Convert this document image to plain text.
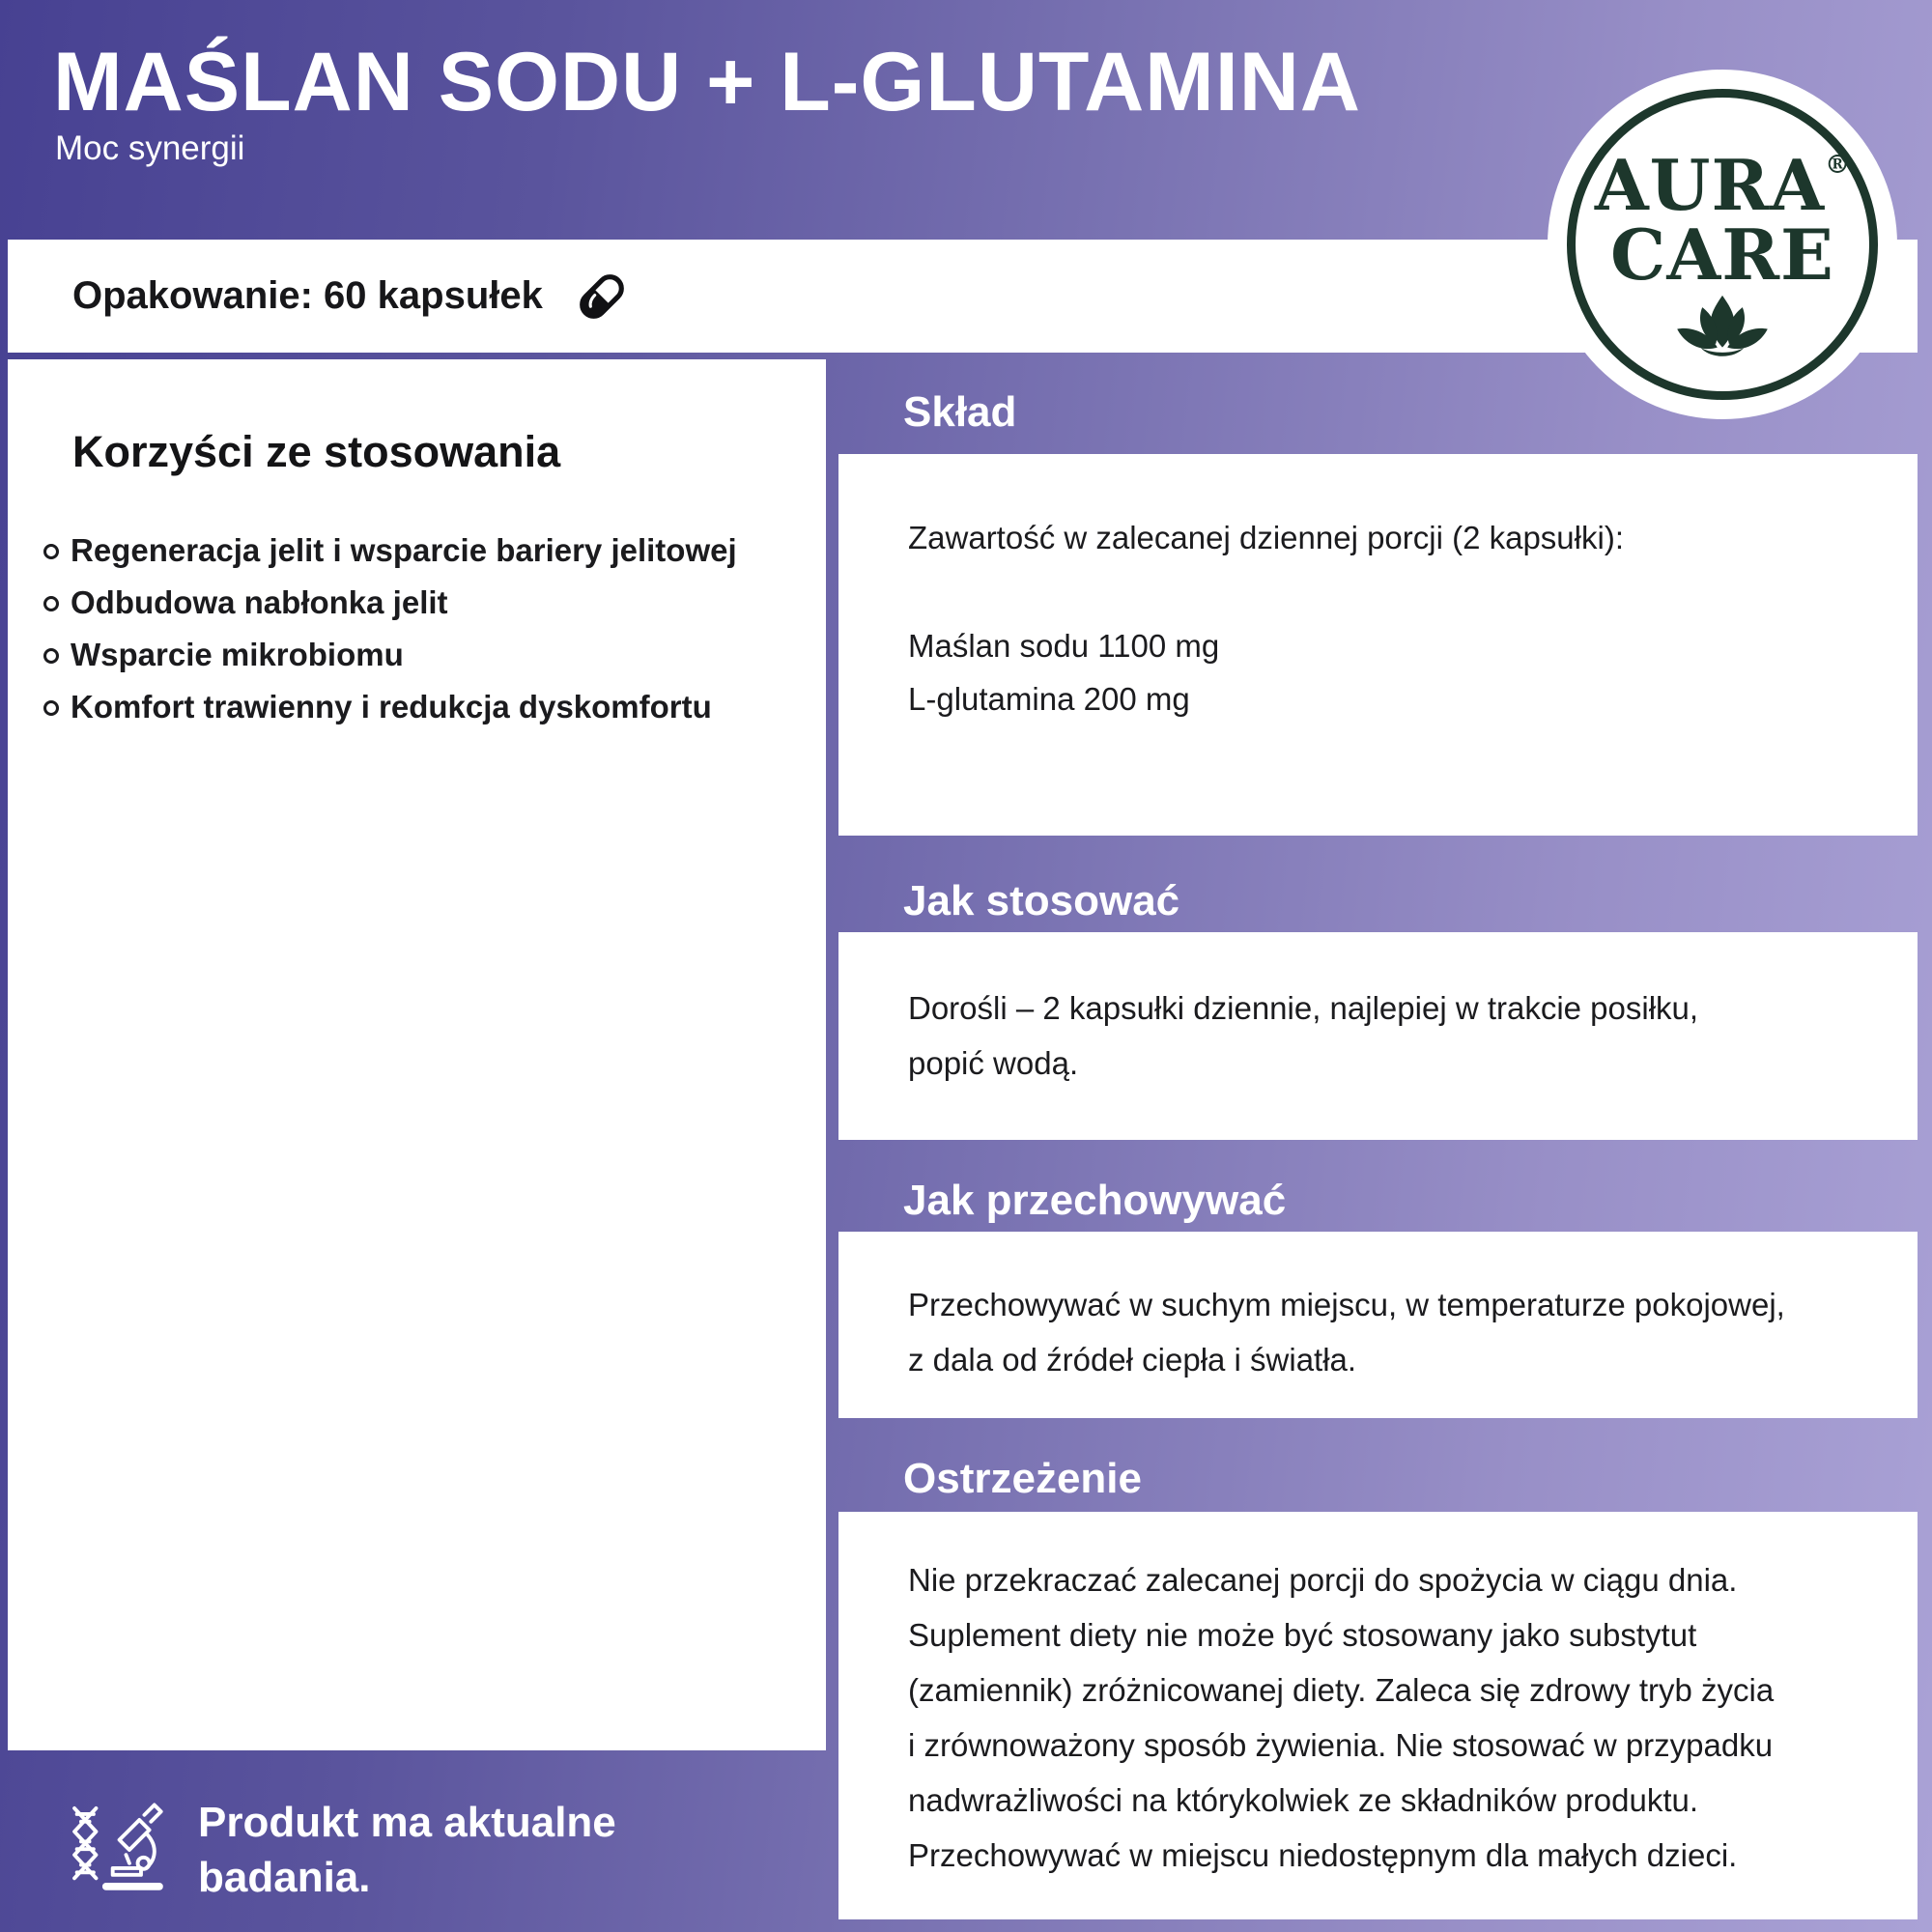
MAŚLAN SODU + L-GLUTAMINA
Moc synergii
Opakowanie: 60 kapsułek
AURA®
CARE
Korzyści ze stosowania
Regeneracja jelit i wsparcie bariery jelitowej
Odbudowa nabłonka jelit
Wsparcie mikrobiomu
Komfort trawienny i redukcja dyskomfortu
Skład
Zawartość w zalecanej dziennej porcji (2 kapsułki):
Maślan sodu 1100 mg
L-glutamina 200 mg
Jak stosować
Dorośli – 2 kapsułki dziennie, najlepiej w trakcie posiłku,
popić wodą.
Jak przechowywać
Przechowywać w suchym miejscu, w temperaturze pokojowej,
z dala od źródeł ciepła i światła.
Ostrzeżenie
Nie przekraczać zalecanej porcji do spożycia w ciągu dnia.
Suplement diety nie może być stosowany jako substytut
(zamiennik) zróżnicowanej diety. Zaleca się zdrowy tryb życia
i zrównoważony sposób żywienia. Nie stosować w przypadku
nadwrażliwości na którykolwiek ze składników produktu.
Przechowywać w miejscu niedostępnym dla małych dzieci.
Produkt ma aktualne badania.
